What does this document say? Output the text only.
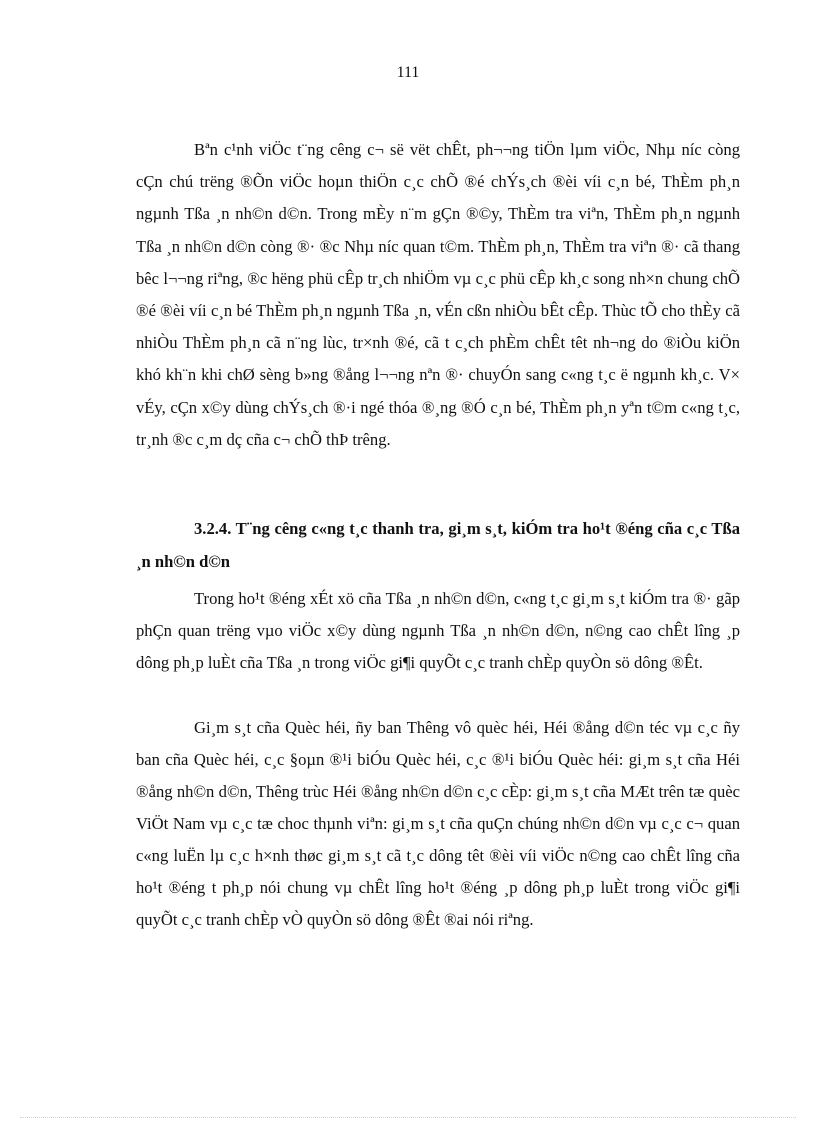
111

Bªn c¹nh viÖc t¨ng cêng c¬ së vët chÊt, ph¬¬ng tiÖn lµm viÖc, Nhµ níc còng cÇn chú trëng ®Õn viÖc hoµn thiÖn c¸c chÕ ®é chÝs¸ch ®èi víi c¸n bé, ThÈm ph¸n ngµnh Tßa ¸n nh©n d©n. Trong mÈy n¨m gÇn ®©y, ThÈm tra viªn, ThÈm ph¸n ngµnh Tßa ¸n nh©n d©n còng ®· ®c Nhµ níc quan t©m. ThÈm ph¸n, ThÈm tra viªn ®· cã thang bêc l¬¬ng riªng, ®c hëng phü cÊp tr¸ch nhiÖm vµ c¸c phü cÊp kh¸c song nh×n chung chÕ ®é ®èi víi c¸n bé ThÈm ph¸n ngµnh Tßa ¸n, vÉn cßn nhiÒu bÊt cÊp. Thùc tÕ cho thÈy cã nhiÒu ThÈm ph¸n cã n¨ng lùc, tr×nh ®é, cã t c¸ch phÈm chÊt têt nh¬ng do ®iÒu kiÖn khó kh¨n khi chØ sèng b»ng ®ång l¬¬ng nªn ®· chuyÓn sang c«ng t¸c ë ngµnh kh¸c. V× vÉy, cÇn x©y dùng chÝs¸ch ®·i ngé thóa ®¸ng ®Ó c¸n bé, ThÈm ph¸n yªn t©m c«ng t¸c, tr¸nh ®c c¸m dç cña c¬ chÕ thÞ trêng.

3.2.4. T¨ng cêng c«ng t¸c thanh tra, gi¸m s¸t, kiÓm tra ho¹t ®éng cña c¸c Tßa ¸n nh©n d©n

Trong ho¹t ®éng xÉt xö cña Tßa ¸n nh©n d©n, c«ng t¸c gi¸m s¸t kiÓm tra ®· gãp phÇn quan trëng vµo viÖc x©y dùng ngµnh Tßa ¸n nh©n d©n, n©ng cao chÊt lîng ¸p dông ph¸p luÈt cña Tßa ¸n trong viÖc gi¶i quyÕt c¸c tranh chÈp quyÒn sö dông ®Êt.

Gi¸m s¸t cña Quèc héi, ñy ban Thêng vô quèc héi, Héi ®ång d©n téc vµ c¸c ñy ban cña Quèc héi, c¸c §oµn ®¹i biÓu Quèc héi, c¸c ®¹i biÓu Quèc héi: gi¸m s¸t cña Héi ®ång nh©n d©n, Thêng trùc Héi ®ång nh©n d©n c¸c cÈp: gi¸m s¸t cña MÆt trên tæ quèc ViÖt Nam vµ c¸c tæ choc thµnh viªn: gi¸m s¸t cña quÇn chúng nh©n d©n vµ c¸c c¬ quan c«ng luËn lµ c¸c h×nh thøc gi¸m s¸t cã t¸c dông têt ®èi víi viÖc n©ng cao chÊt lîng cña ho¹t ®éng t ph¸p nói chung vµ chÊt lîng ho¹t ®éng ¸p dông ph¸p luÈt trong viÖc gi¶i quyÕt c¸c tranh chÈp vÒ quyÒn sö dông ®Êt ®ai nói riªng.
